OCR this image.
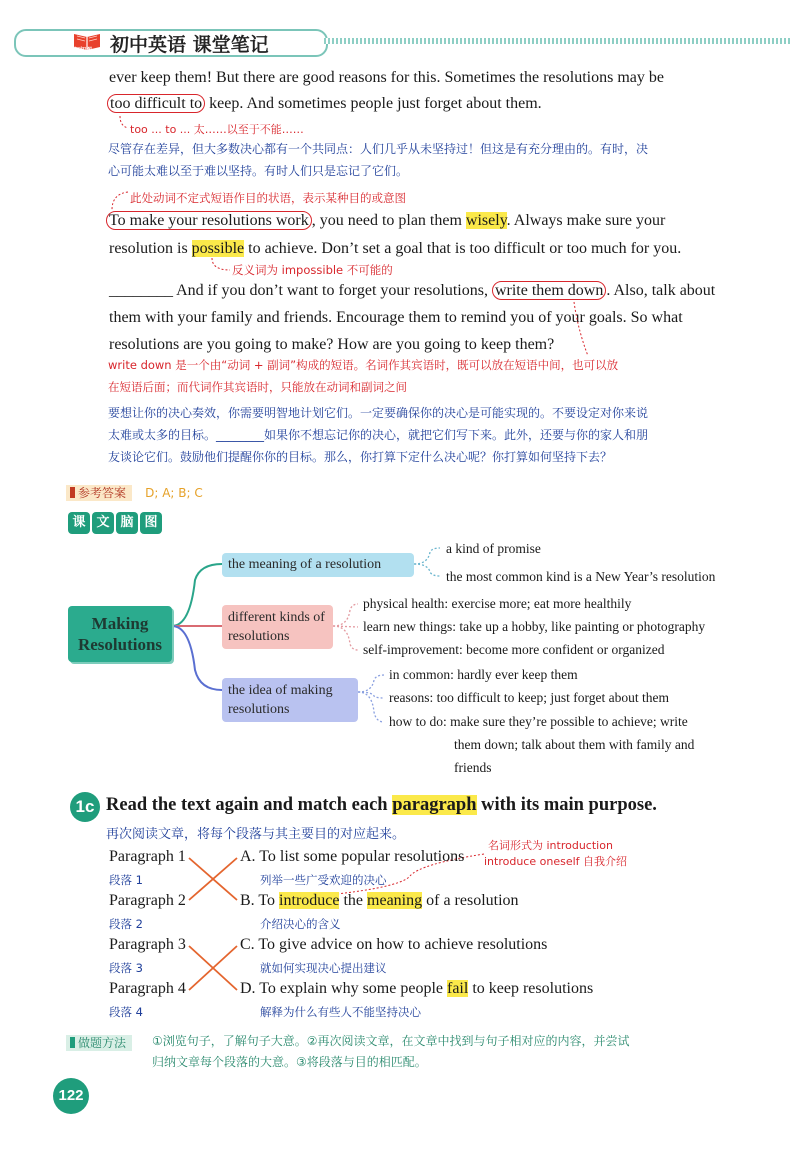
汉知图 初中英语 课堂笔记
ever keep them! But there are good reasons for this. Sometimes the resolutions may be
too difficult to keep. And sometimes people just forget about them.
too ... to ... 太……以至于不能……
尽管存在差异，但大多数决心都有一个共同点：人们几乎从未坚持过！但这是有充分理由的。有时，决
心可能太难以至于难以坚持。有时人们只是忘记了它们。
此处动词不定式短语作目的状语，表示某种目的或意图
To make your resolutions work , you need to plan them wisely. Always make sure your
resolution is possible to achieve. Don’t set a goal that is too difficult or too much for you.
反义词为 impossible 不可能的
________ And if you don’t want to forget your resolutions, write them down . Also, talk about
them with your family and friends. Encourage them to remind you of your goals. So what
resolutions are you going to make? How are you going to keep them?
write down 是一个由“动词 + 副词”构成的短语。名词作其宾语时，既可以放在短语中间，也可以放
在短语后面；而代词作其宾语时，只能放在动词和副词之间
要想让你的决心奏效，你需要明智地计划它们。一定要确保你的决心是可能实现的。不要设定对你来说
太难或太多的目标。________如果你不想忘记你的决心，就把它们写下来。此外，还要与你的家人和朋
友谈论它们。鼓励他们提醒你你的目标。那么，你打算下定什么决心呢？你打算如何坚持下去？
参考答案 D; A; B; C
课 文 脑 图
Making Resolutions
the meaning of a resolution
different kinds of resolutions
the idea of making resolutions
a kind of promise
the most common kind is a New Year’s resolution
physical health: exercise more; eat more healthily
learn new things: take up a hobby, like painting or photography
self-improvement: become more confident or organized
in common: hardly ever keep them
reasons: too difficult to keep; just forget about them
how to do: make sure they’re possible to achieve; write
them down; talk about them with family and
friends
1c Read the text again and match each paragraph with its main purpose.
再次阅读文章，将每个段落与其主要目的对应起来。
名词形式为 introduction
introduce oneself 自我介绍
Paragraph 1
段落 1
Paragraph 2
段落 2
Paragraph 3
段落 3
Paragraph 4
段落 4
A. To list some popular resolutions
列举一些广受欢迎的决心
B. To introduce the meaning of a resolution
介绍决心的含义
C. To give advice on how to achieve resolutions
就如何实现决心提出建议
D. To explain why some people fail to keep resolutions
解释为什么有些人不能坚持决心
做题方法	①浏览句子，了解句子大意。②再次阅读文章，在文章中找到与句子相对应的内容，并尝试
归纳文章每个段落的大意。③将段落与目的相匹配。
122
